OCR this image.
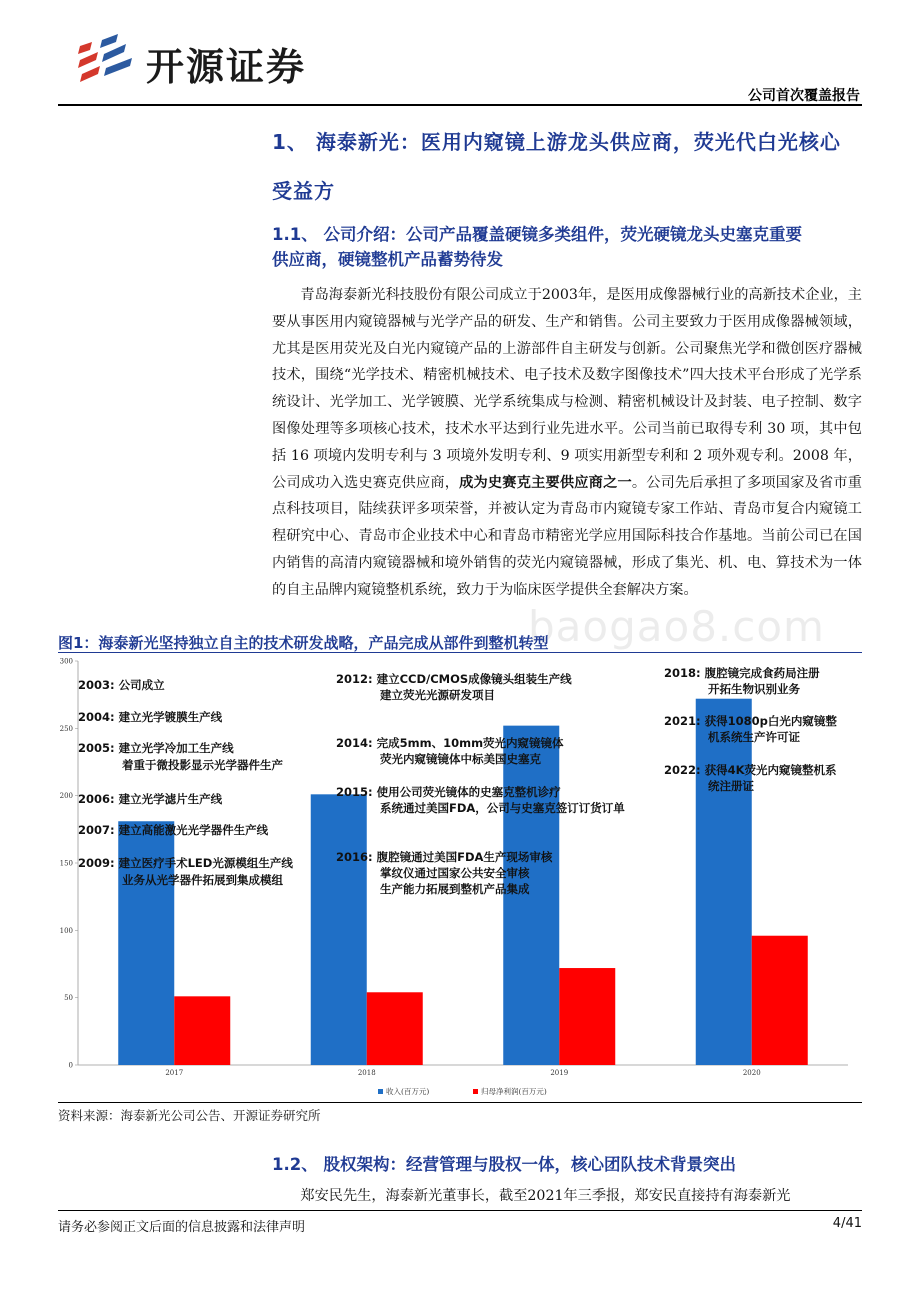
开源证券
公司首次覆盖报告
1、 海泰新光：医用内窥镜上游龙头供应商，荧光代白光核心
受益方
1.1、 公司介绍：公司产品覆盖硬镜多类组件，荧光硬镜龙头史塞克重要
供应商，硬镜整机产品蓄势待发
青岛海泰新光科技股份有限公司成立于2003年，是医用成像器械行业的高新技术企业，主要从事医用内窥镜器械与光学产品的研发、生产和销售。公司主要致力于医用成像器械领域，尤其是医用荧光及白光内窥镜产品的上游部件自主研发与创新。公司聚焦光学和微创医疗器械技术，围绕“光学技术、精密机械技术、电子技术及数字图像技术”四大技术平台形成了光学系统设计、光学加工、光学镀膜、光学系统集成与检测、精密机械设计及封装、电子控制、数字图像处理等多项核心技术，技术水平达到行业先进水平。公司当前已取得专利 30 项，其中包括 16 项境内发明专利与 3 项境外发明专利、9 项实用新型专利和 2 项外观专利。2008 年，公司成功入选史赛克供应商，成为史赛克主要供应商之一。公司先后承担了多项国家及省市重点科技项目，陆续获评多项荣誉，并被认定为青岛市内窥镜专家工作站、青岛市复合内窥镜工程研究中心、青岛市企业技术中心和青岛市精密光学应用国际科技合作基地。当前公司已在国内销售的高清内窥镜器械和境外销售的荧光内窥镜器械，形成了集光、机、电、算技术为一体的自主品牌内窥镜整机系统，致力于为临床医学提供全套解决方案。
baogao8.com
图1：海泰新光坚持独立自主的技术研发战略，产品完成从部件到整机转型
0
50
100
150
200
250
300
2017	2018	2019	2020
收入(百万元)	归母净利润(百万元)
2003: 公司成立
2004: 建立光学镀膜生产线
2005: 建立光学冷加工生产线
着重于微投影显示光学器件生产
2006: 建立光学滤片生产线
2007: 建立高能激光光学器件生产线
2009: 建立医疗手术LED光源模组生产线
业务从光学器件拓展到集成模组
2012: 建立CCD/CMOS成像镜头组装生产线
建立荧光光源研发项目
2014: 完成5mm、10mm荧光内窥镜镜体
荧光内窥镜镜体中标美国史塞克
2015: 使用公司荧光镜体的史塞克整机诊疗
系统通过美国FDA，公司与史塞克签订订货订单
2016: 腹腔镜通过美国FDA生产现场审核
掌纹仪通过国家公共安全审核
生产能力拓展到整机产品集成
2018: 腹腔镜完成食药局注册
开拓生物识别业务
2021: 获得1080p白光内窥镜整
机系统生产许可证
2022: 获得4K荧光内窥镜整机系
统注册证
资料来源：海泰新光公司公告、开源证券研究所
1.2、 股权架构：经营管理与股权一体，核心团队技术背景突出
郑安民先生，海泰新光董事长，截至2021年三季报，郑安民直接持有海泰新光
请务必参阅正文后面的信息披露和法律声明	4/41
